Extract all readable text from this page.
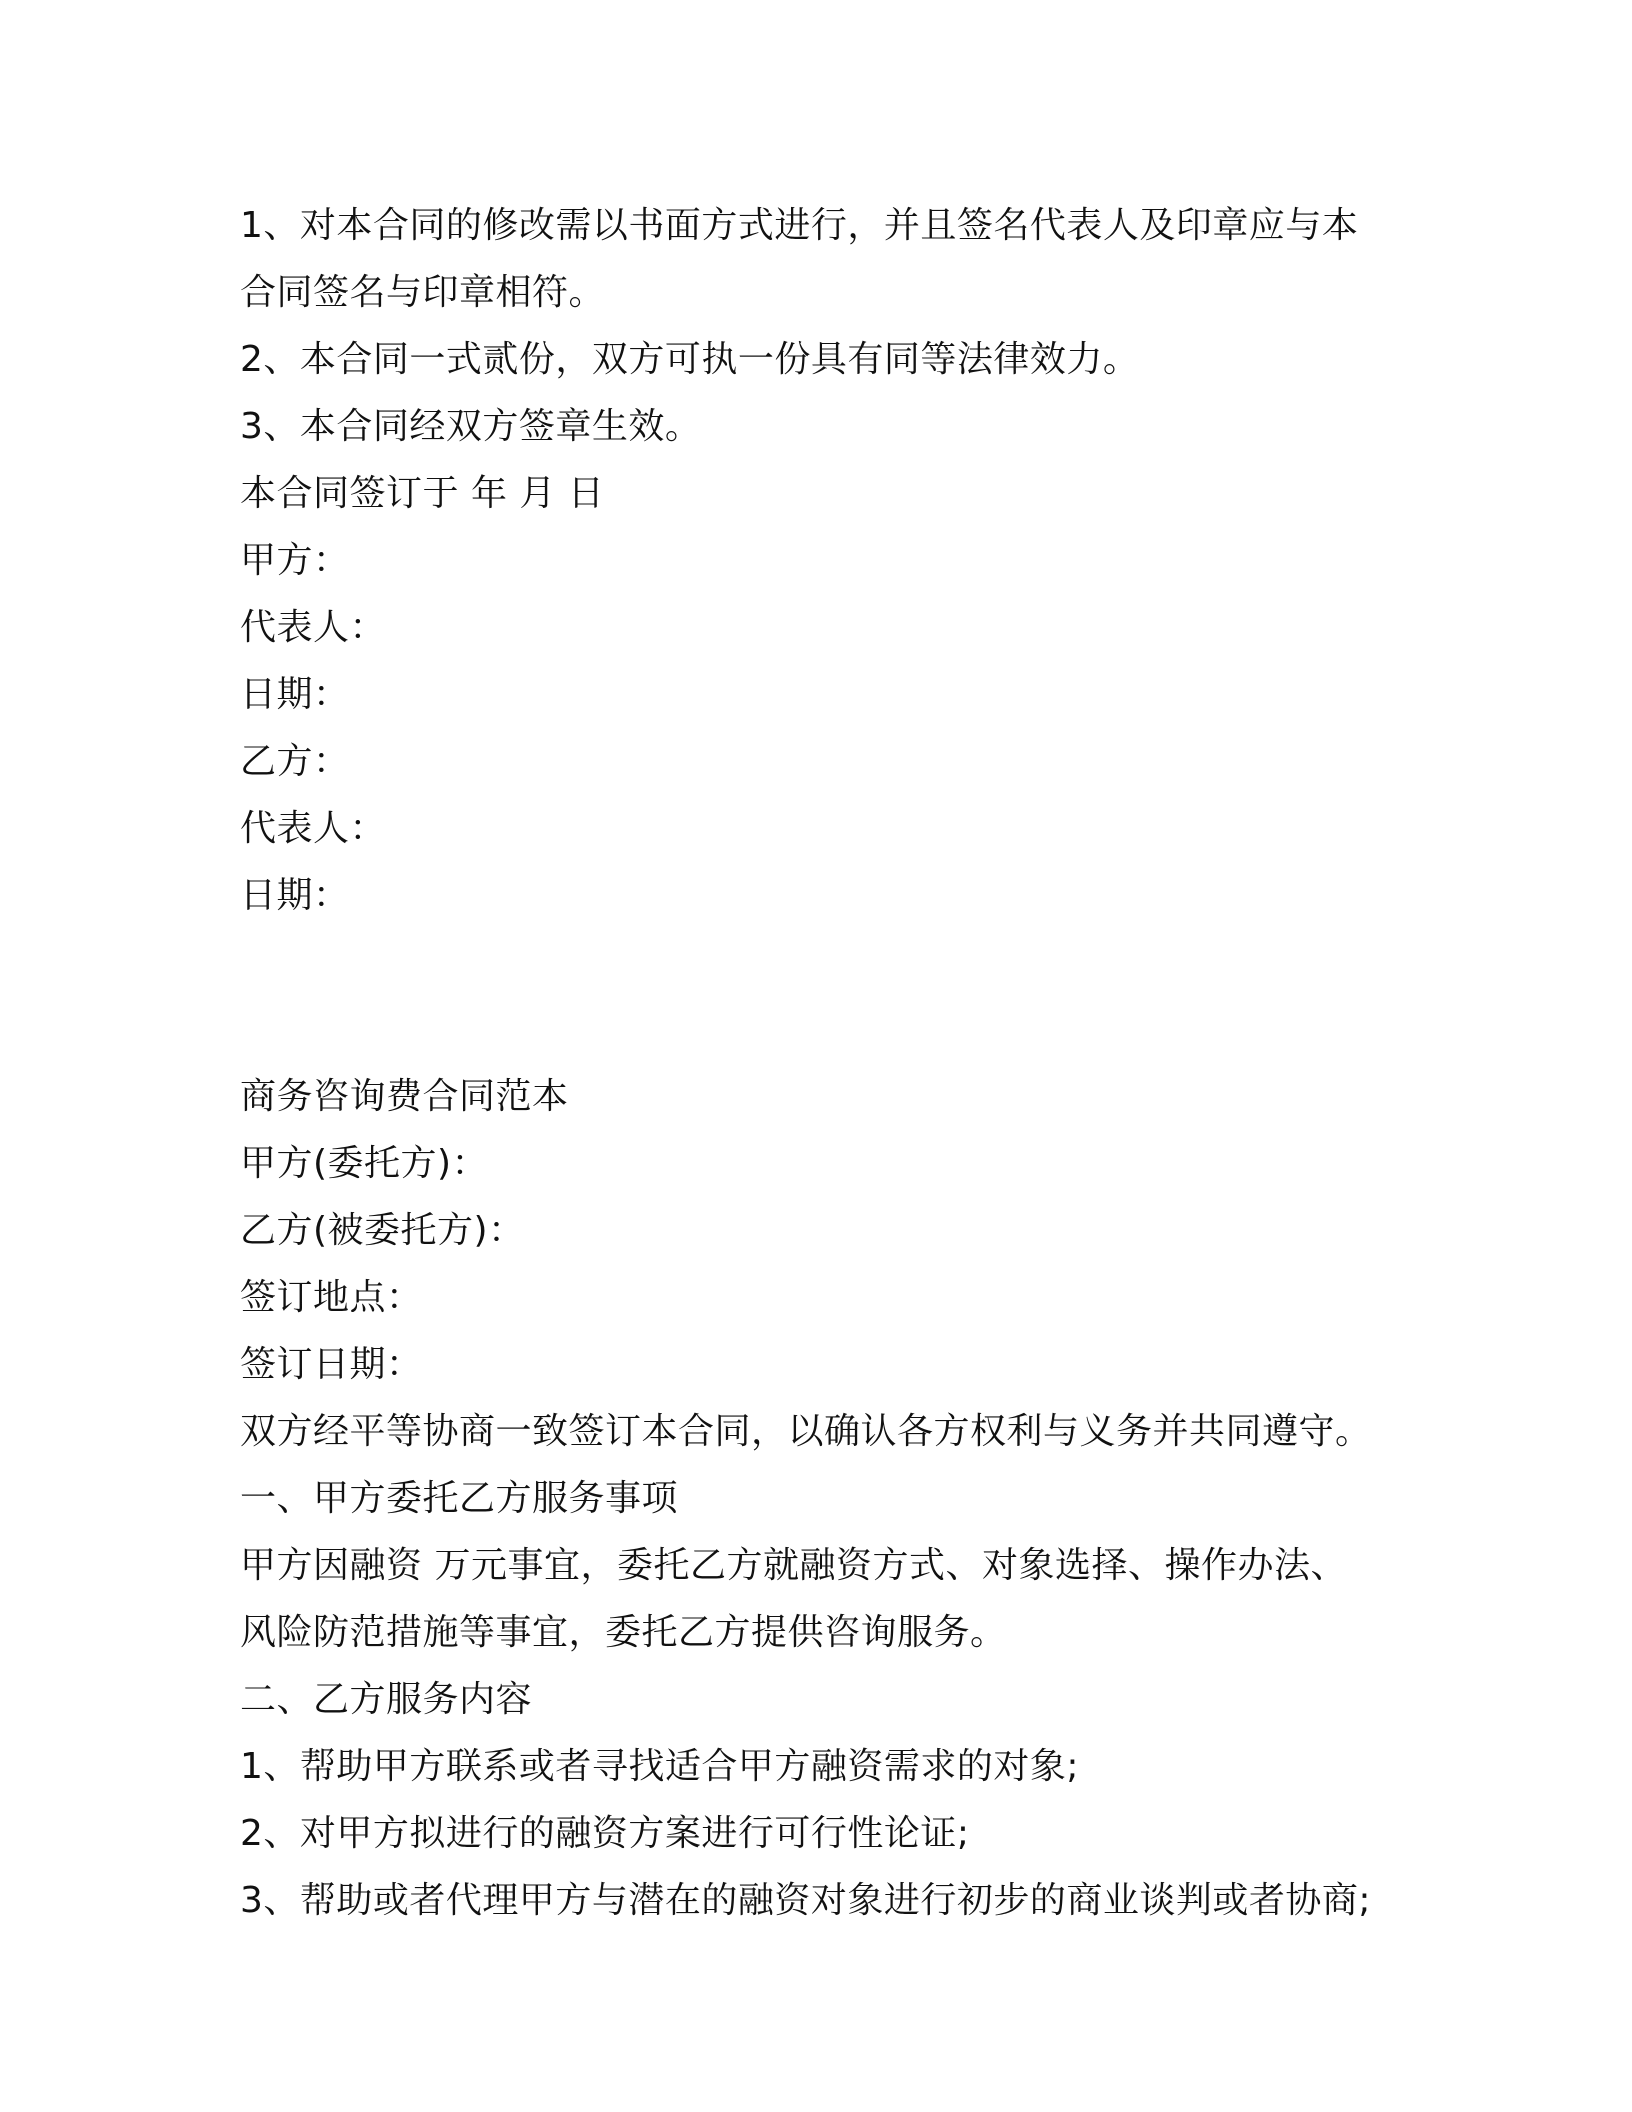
1、对本合同的修改需以书面方式进行，并且签名代表人及印章应与本
合同签名与印章相符。
2、本合同一式贰份，双方可执一份具有同等法律效力。
3、本合同经双方签章生效。
本合同签订于 年 月 日
甲方：
代表人：
日期：
乙方：
代表人：
日期：
商务咨询费合同范本
甲方(委托方)：
乙方(被委托方)：
签订地点：
签订日期：
双方经平等协商一致签订本合同，以确认各方权利与义务并共同遵守。
一、甲方委托乙方服务事项
甲方因融资 万元事宜，委托乙方就融资方式、对象选择、操作办法、
风险防范措施等事宜，委托乙方提供咨询服务。
二、乙方服务内容
1、帮助甲方联系或者寻找适合甲方融资需求的对象;
2、对甲方拟进行的融资方案进行可行性论证;
3、帮助或者代理甲方与潜在的融资对象进行初步的商业谈判或者协商;
